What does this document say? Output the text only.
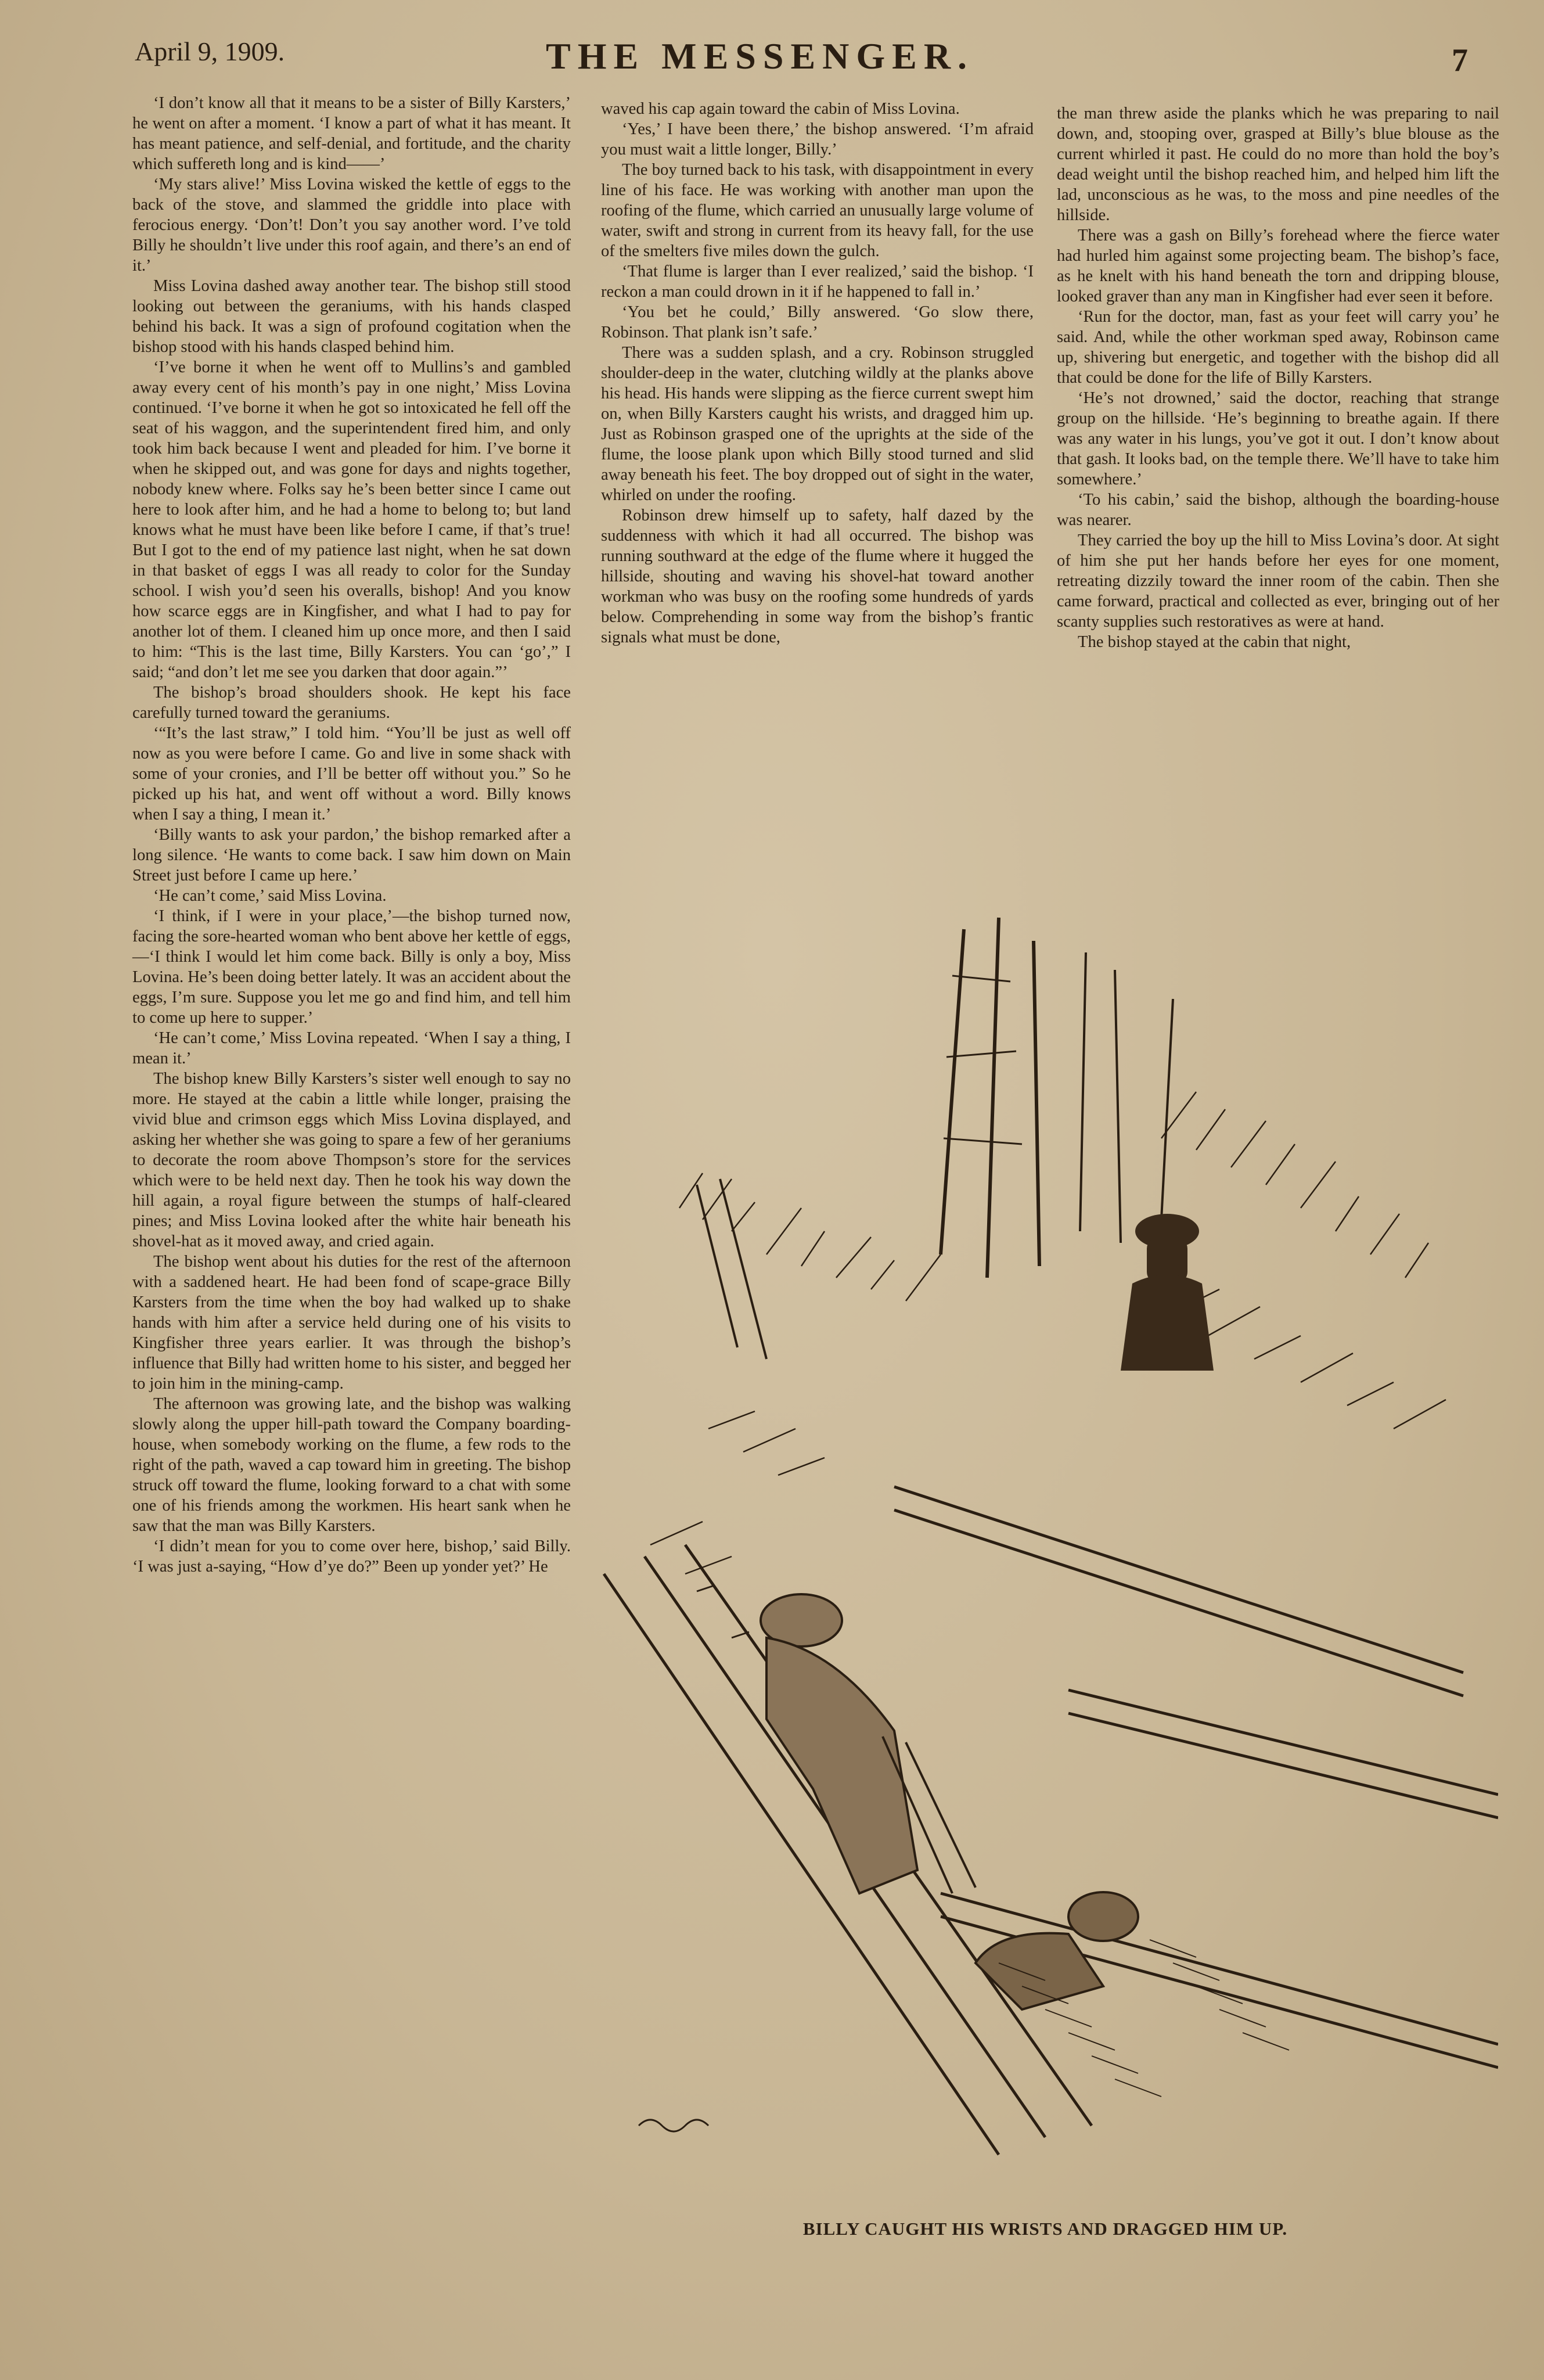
April 9, 1909.	THE MESSENGER.	7

‘I don’t know all that it means to be a sister of Billy Karsters,’ he went on after a moment. ‘I know a part of what it has meant. It has meant patience, and self-denial, and fortitude, and the charity which suffereth long and is kind——’

‘My stars alive!’ Miss Lovina wisked the kettle of eggs to the back of the stove, and slammed the griddle into place with ferocious energy. ‘Don’t! Don’t you say another word. I’ve told Billy he shouldn’t live under this roof again, and there’s an end of it.’

Miss Lovina dashed away another tear. The bishop still stood looking out between the geraniums, with his hands clasped behind his back. It was a sign of profound cogitation when the bishop stood with his hands clasped behind him.

‘I’ve borne it when he went off to Mullins’s and gambled away every cent of his month’s pay in one night,’ Miss Lovina continued. ‘I’ve borne it when he got so intoxicated he fell off the seat of his waggon, and the superintendent fired him, and only took him back because I went and pleaded for him. I’ve borne it when he skipped out, and was gone for days and nights together, nobody knew where. Folks say he’s been better since I came out here to look after him, and he had a home to belong to; but land knows what he must have been like before I came, if that’s true! But I got to the end of my patience last night, when he sat down in that basket of eggs I was all ready to color for the Sunday school. I wish you’d seen his overalls, bishop! And you know how scarce eggs are in Kingfisher, and what I had to pay for another lot of them. I cleaned him up once more, and then I said to him: “This is the last time, Billy Karsters. You can ‘go’,” I said; “and don’t let me see you darken that door again.”’

The bishop’s broad shoulders shook. He kept his face carefully turned toward the geraniums.

‘“It’s the last straw,” I told him. “You’ll be just as well off now as you were before I came. Go and live in some shack with some of your cronies, and I’ll be better off without you.” So he picked up his hat, and went off without a word. Billy knows when I say a thing, I mean it.’

‘Billy wants to ask your pardon,’ the bishop remarked after a long silence. ‘He wants to come back. I saw him down on Main Street just before I came up here.’

‘He can’t come,’ said Miss Lovina.

‘I think, if I were in your place,’—the bishop turned now, facing the sore-hearted woman who bent above her kettle of eggs,—‘I think I would let him come back. Billy is only a boy, Miss Lovina. He’s been doing better lately. It was an accident about the eggs, I’m sure. Suppose you let me go and find him, and tell him to come up here to supper.’

‘He can’t come,’ Miss Lovina repeated. ‘When I say a thing, I mean it.’

The bishop knew Billy Karsters’s sister well enough to say no more. He stayed at the cabin a little while longer, praising the vivid blue and crimson eggs which Miss Lovina displayed, and asking her whether she was going to spare a few of her geraniums to decorate the room above Thompson’s store for the services which were to be held next day. Then he took his way down the hill again, a royal figure between the stumps of half-cleared pines; and Miss Lovina looked after the white hair beneath his shovel-hat as it moved away, and cried again.

The bishop went about his duties for the rest of the afternoon with a saddened heart. He had been fond of scape-grace Billy Karsters from the time when the boy had walked up to shake hands with him after a service held during one of his visits to Kingfisher three years earlier. It was through the bishop’s influence that Billy had written home to his sister, and begged her to join him in the mining-camp.

The afternoon was growing late, and the bishop was walking slowly along the upper hill-path toward the Company boarding-house, when somebody working on the flume, a few rods to the right of the path, waved a cap toward him in greeting. The bishop struck off toward the flume, looking forward to a chat with some one of his friends among the workmen. His heart sank when he saw that the man was Billy Karsters.

‘I didn’t mean for you to come over here, bishop,’ said Billy. ‘I was just a-saying, “How d’ye do?” Been up yonder yet?’ He

waved his cap again toward the cabin of Miss Lovina.

‘Yes,’ I have been there,’ the bishop answered. ‘I’m afraid you must wait a little longer, Billy.’

The boy turned back to his task, with disappointment in every line of his face. He was working with another man upon the roofing of the flume, which carried an unusually large volume of water, swift and strong in current from its heavy fall, for the use of the smelters five miles down the gulch.

‘That flume is larger than I ever realized,’ said the bishop. ‘I reckon a man could drown in it if he happened to fall in.’

‘You bet he could,’ Billy answered. ‘Go slow there, Robinson. That plank isn’t safe.’

There was a sudden splash, and a cry. Robinson struggled shoulder-deep in the water, clutching wildly at the planks above his head. His hands were slipping as the fierce current swept him on, when Billy Karsters caught his wrists, and dragged him up. Just as Robinson grasped one of the uprights at the side of the flume, the loose plank upon which Billy stood turned and slid away beneath his feet. The boy dropped out of sight in the water, whirled on under the roofing.

Robinson drew himself up to safety, half dazed by the suddenness with which it had all occurred. The bishop was running southward at the edge of the flume where it hugged the hillside, shouting and waving his shovel-hat toward another workman who was busy on the roofing some hundreds of yards below. Comprehending in some way from the bishop’s frantic signals what must be done,

the man threw aside the planks which he was preparing to nail down, and, stooping over, grasped at Billy’s blue blouse as the current whirled it past. He could do no more than hold the boy’s dead weight until the bishop reached him, and helped him lift the lad, unconscious as he was, to the moss and pine needles of the hillside.

There was a gash on Billy’s forehead where the fierce water had hurled him against some projecting beam. The bishop’s face, as he knelt with his hand beneath the torn and dripping blouse, looked graver than any man in Kingfisher had ever seen it before.

‘Run for the doctor, man, fast as your feet will carry you’ he said. And, while the other workman sped away, Robinson came up, shivering but energetic, and together with the bishop did all that could be done for the life of Billy Karsters.

‘He’s not drowned,’ said the doctor, reaching that strange group on the hillside. ‘He’s beginning to breathe again. If there was any water in his lungs, you’ve got it out. I don’t know about that gash. It looks bad, on the temple there. We’ll have to take him somewhere.’

‘To his cabin,’ said the bishop, although the boarding-house was nearer.

They carried the boy up the hill to Miss Lovina’s door. At sight of him she put her hands before her eyes for one moment, retreating dizzily toward the inner room of the cabin. Then she came forward, practical and collected as ever, bringing out of her scanty supplies such restoratives as were at hand.

The bishop stayed at the cabin that night,

BILLY CAUGHT HIS WRISTS AND DRAGGED HIM UP.
